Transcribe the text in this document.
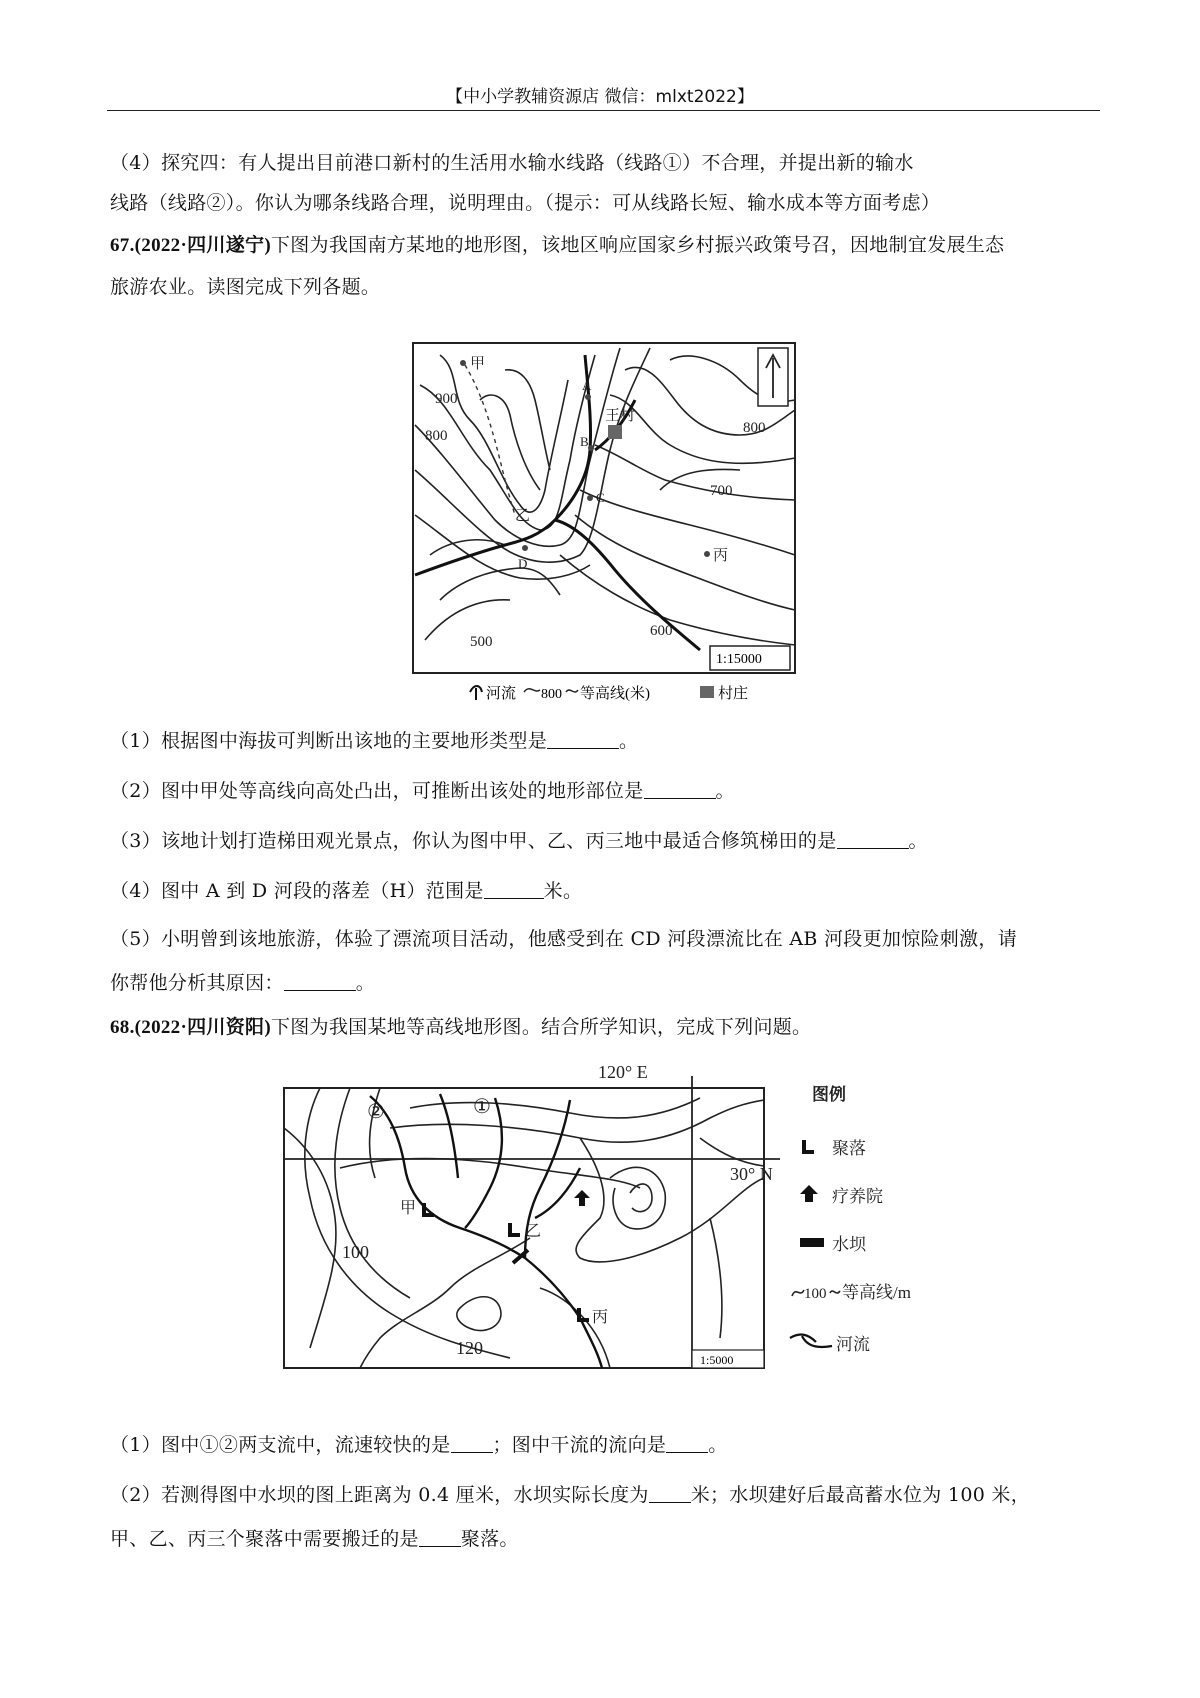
【中小学教辅资源店 微信：mlxt2022】
（4）探究四：有人提出目前港口新村的生活用水输水线路（线路①）不合理，并提出新的输水
线路（线路②）。你认为哪条线路合理，说明理由。（提示：可从线路长短、输水成本等方面考虑）
67.(2022·四川遂宁)下图为我国南方某地的地形图，该地区响应国家乡村振兴政策号召，因地制宜发展生态
旅游农业。读图完成下列各题。
甲
乙
丙
王村
A
B
C
D
900
800	800
700
600
500
1:15000
河流 800 等高线(米)	村庄
（1）根据图中海拔可判断出该地的主要地形类型是	。
（2）图中甲处等高线向高处凸出，可推断出该处的地形部位是	。
（3）该地计划打造梯田观光景点，你认为图中甲、乙、丙三地中最适合修筑梯田的是	。
（4）图中 A 到 D 河段的落差（H）范围是	米。
（5）小明曾到该地旅游，体验了漂流项目活动，他感受到在 CD 河段漂流比在 AB 河段更加惊险刺激，请
你帮他分析其原因：	。
68.(2022·四川资阳)下图为我国某地等高线地形图。结合所学知识，完成下列问题。
120° E
30° N
甲
乙
丙
100
120
②	①
1:5000
图例
聚落
疗养院
水坝
100 等高线/m
河流
（1）图中①②两支流中，流速较快的是 ；图中干流的流向是 。
（2）若测得图中水坝的图上距离为 0.4 厘米，水坝实际长度为 米；水坝建好后最高蓄水位为 100 米，
甲、乙、丙三个聚落中需要搬迁的是 聚落。
